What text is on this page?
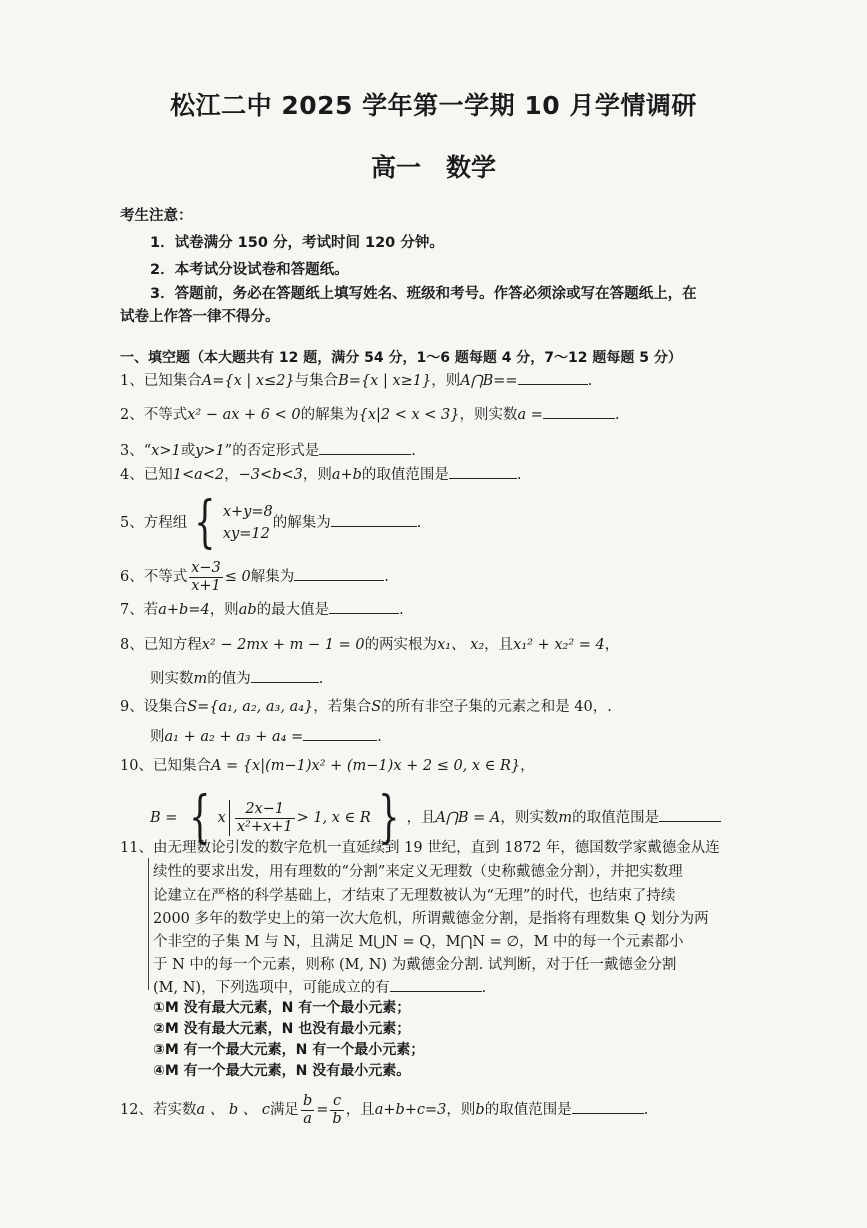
松江二中 2025 学年第一学期 10 月学情调研
高一　数学
考生注意：
1．试卷满分 150 分，考试时间 120 分钟。
2．本考试分设试卷和答题纸。
3．答题前，务必在答题纸上填写姓名、班级和考号。作答必须涂或写在答题纸上，在
试卷上作答一律不得分。
一、填空题（本大题共有 12 题，满分 54 分，1～6 题每题 4 分，7～12 题每题 5 分）
1、已知集合A={x | x≤2}与集合B={x | x≥1}，则A⋂B==	.
2、不等式x² − ax + 6 < 0的解集为{x|2 < x < 3}，则实数a =	.
3、“x>1或y>1”的否定形式是	.
4、已知1<a<2，−3<b<3，则a+b的取值范围是	.
5、方程组 { x+y=8
xy=12
的解集为	.
6、不等式 $\frac{x-3}{x+1} \le 0$解集为	.
7、若a+b=4，则ab的最大值是	.
8、已知方程x² − 2mx + m − 1 = 0的两实根为x₁、 x₂，且x₁² + x₂² = 4，
则实数m的值为	.
9、设集合S={a₁, a₂, a₃, a₄}，若集合S的所有非空子集的元素之和是 40，.
则a₁ + a₂ + a₃ + a₄ =	.
10、已知集合A = {x|(m−1)x² + (m−1)x + 2 ≤ 0, x ∈ R}，
B = { x $\frac{2x-1}{\text{x²+x+1}} > 1$, x ∈ R } ，且A⋂B = A，则实数m的取值范围是
11、 由无理数论引发的数字危机一直延续到 19 世纪，直到 1872 年，德国数学家戴德金从连
续性的要求出发，用有理数的“分割”来定义无理数（史称戴德金分割），并把实数理
论建立在严格的科学基础上，才结束了无理数被认为“无理”的时代，也结束了持续
2000 多年的数学史上的第一次大危机，所谓戴德金分割，是指将有理数集 Q 划分为两
个非空的子集 M 与 N，且满足 M⋃N = Q，M⋂N = ∅，M 中的每一个元素都小
于 N 中的每一个元素，则称 (M, N) 为戴德金分割. 试判断，对于任一戴德金分割
(M, N)，下列选项中，可能成立的有	.
①M 没有最大元素，N 有一个最小元素；
②M 没有最大元素，N 也没有最小元素；
③M 有一个最大元素，N 有一个最小元素；
④M 有一个最大元素，N 没有最小元素。
12、若实数a 、 b 、 c满足 $\frac{b}{a} = \frac{c}{b}$ ，且a+b+c=3，则b的取值范围是	.
